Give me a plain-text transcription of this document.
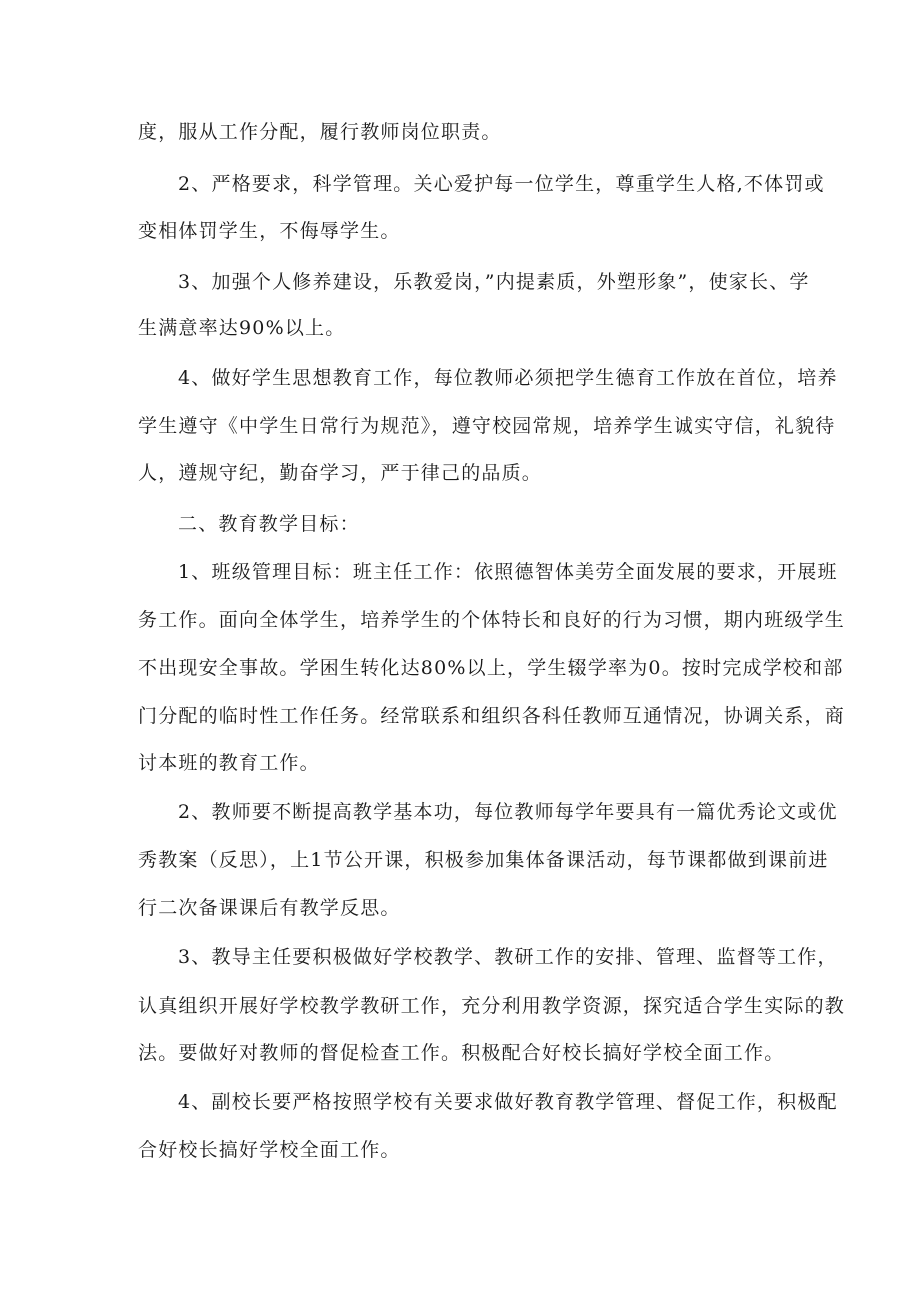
度，服从工作分配，履行教师岗位职责。
2、严格要求，科学管理。关心爱护每一位学生，尊重学生人格,不体罚或
变相体罚学生，不侮辱学生。
3、加强个人修养建设，乐教爱岗，”内提素质，外塑形象”，使家长、学
生满意率达90%以上。
4、做好学生思想教育工作，每位教师必须把学生德育工作放在首位，培养
学生遵守《中学生日常行为规范》，遵守校园常规，培养学生诚实守信，礼貌待
人，遵规守纪，勤奋学习，严于律己的品质。
二、教育教学目标：
1、班级管理目标：班主任工作：依照德智体美劳全面发展的要求，开展班
务工作。面向全体学生，培养学生的个体特长和良好的行为习惯，期内班级学生
不出现安全事故。学困生转化达80%以上，学生辍学率为0。按时完成学校和部
门分配的临时性工作任务。经常联系和组织各科任教师互通情况，协调关系，商
讨本班的教育工作。
2、教师要不断提高教学基本功，每位教师每学年要具有一篇优秀论文或优
秀教案（反思），上1节公开课，积极参加集体备课活动，每节课都做到课前进
行二次备课课后有教学反思。
3、教导主任要积极做好学校教学、教研工作的安排、管理、监督等工作，
认真组织开展好学校教学教研工作，充分利用教学资源，探究适合学生实际的教
法。要做好对教师的督促检查工作。积极配合好校长搞好学校全面工作。
4、副校长要严格按照学校有关要求做好教育教学管理、督促工作，积极配
合好校长搞好学校全面工作。
